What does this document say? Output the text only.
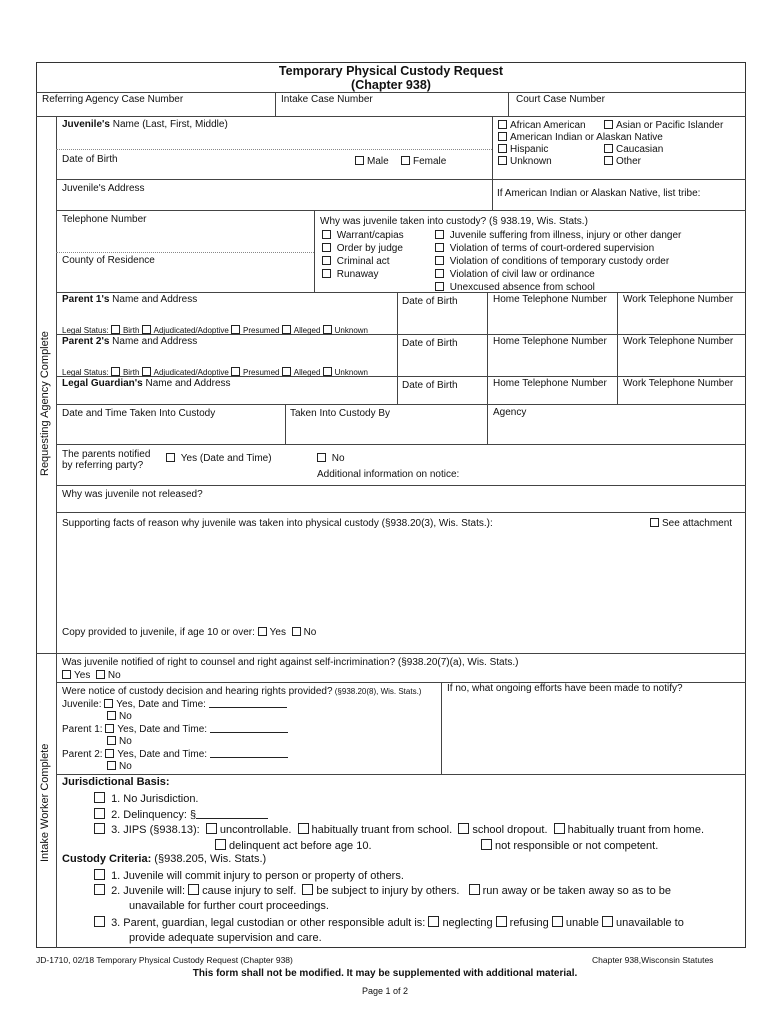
Temporary Physical Custody Request
(Chapter 938)
Referring Agency Case Number	Intake Case Number	Court Case Number
Requesting Agency Complete
Intake Worker Complete
Juvenile's Name (Last, First, Middle)
Date of Birth	Male	Female
African American	Asian or Pacific Islander
American Indian or Alaskan Native
Hispanic	Caucasian
Unknown	Other
Juvenile's Address	If American Indian or Alaskan Native, list tribe:
Telephone Number
County of Residence
Why was juvenile taken into custody? (§ 938.19, Wis. Stats.)
Warrant/capias
Order by judge
Criminal act
Runaway
Juvenile suffering from illness, injury or other danger
Violation of terms of court-ordered supervision
Violation of conditions of temporary custody order
Violation of civil law or ordinance
Unexcused absence from school
Parent 1's Name and Address	Date of Birth	Home Telephone Number Work Telephone Number
Legal Status: Birth Adjudicated/Adoptive Presumed Alleged Unknown
Parent 2's Name and Address	Date of Birth	Home Telephone Number Work Telephone Number
Legal Status: Birth Adjudicated/Adoptive Presumed Alleged Unknown
Legal Guardian's Name and Address	Date of Birth	Home Telephone Number Work Telephone Number
Date and Time Taken Into Custody	Taken Into Custody By	Agency
The parents notified
by referring party?
Yes (Date and Time)	No
Additional information on notice:
Why was juvenile not released?
Supporting facts of reason why juvenile was taken into physical custody (§938.20(3), Wis. Stats.):	See attachment
Copy provided to juvenile, if age 10 or over: Yes No
Was juvenile notified of right to counsel and right against self-incrimination? (§938.20(7)(a), Wis. Stats.)
Yes No
Were notice of custody decision and hearing rights provided? (§938.20(8), Wis. Stats.)	If no, what ongoing efforts have been made to notify?
Juvenile: Yes, Date and Time:
No
Parent 1: Yes, Date and Time:
No
Parent 2: Yes, Date and Time:
No
Jurisdictional Basis:
1. No Jurisdiction.
2. Delinquency: §
3. JIPS (§938.13): uncontrollable. habitually truant from school. school dropout. habitually truant from home.
delinquent act before age 10.	not responsible or not competent.
Custody Criteria: (§938.205, Wis. Stats.)
1. Juvenile will commit injury to person or property of others.
2. Juvenile will: cause injury to self. be subject to injury by others. run away or be taken away so as to be
unavailable for further court proceedings.
3. Parent, guardian, legal custodian or other responsible adult is: neglecting refusing unable unavailable to
provide adequate supervision and care.
JD-1710, 02/18 Temporary Physical Custody Request (Chapter 938)	Chapter 938,Wisconsin Statutes
This form shall not be modified. It may be supplemented with additional material.
Page 1 of 2
